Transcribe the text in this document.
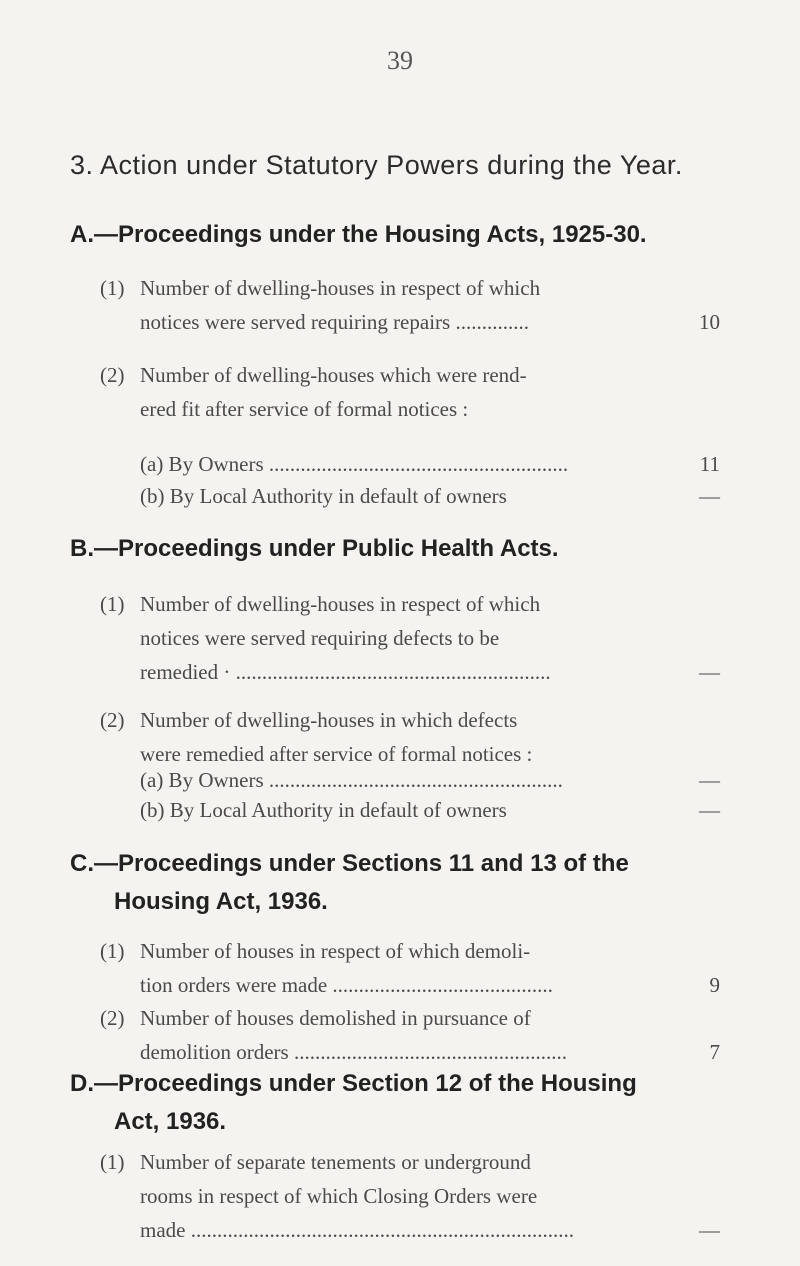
39
3. Action under Statutory Powers during the Year.
A.—Proceedings under the Housing Acts, 1925-30.
(1) Number of dwelling-houses in respect of which
notices were served requiring repairs ..............	10
(2) Number of dwelling-houses which were rend-
ered fit after service of formal notices :
(a) By Owners .........................................................	11
(b) By Local Authority in default of owners	—
B.—Proceedings under Public Health Acts.
(1) Number of dwelling-houses in respect of which
notices were served requiring defects to be
remedied · ............................................................	—
(2) Number of dwelling-houses in which defects
were remedied after service of formal notices :
(a) By Owners ........................................................	—
(b) By Local Authority in default of owners	—
C.—Proceedings under Sections 11 and 13 of the
Housing Act, 1936.
(1) Number of houses in respect of which demoli-
tion orders were made ..........................................	9
(2) Number of houses demolished in pursuance of
demolition orders ....................................................	7
D.—Proceedings under Section 12 of the Housing
Act, 1936.
(1) Number of separate tenements or underground
rooms in respect of which Closing Orders were
made .........................................................................	—
